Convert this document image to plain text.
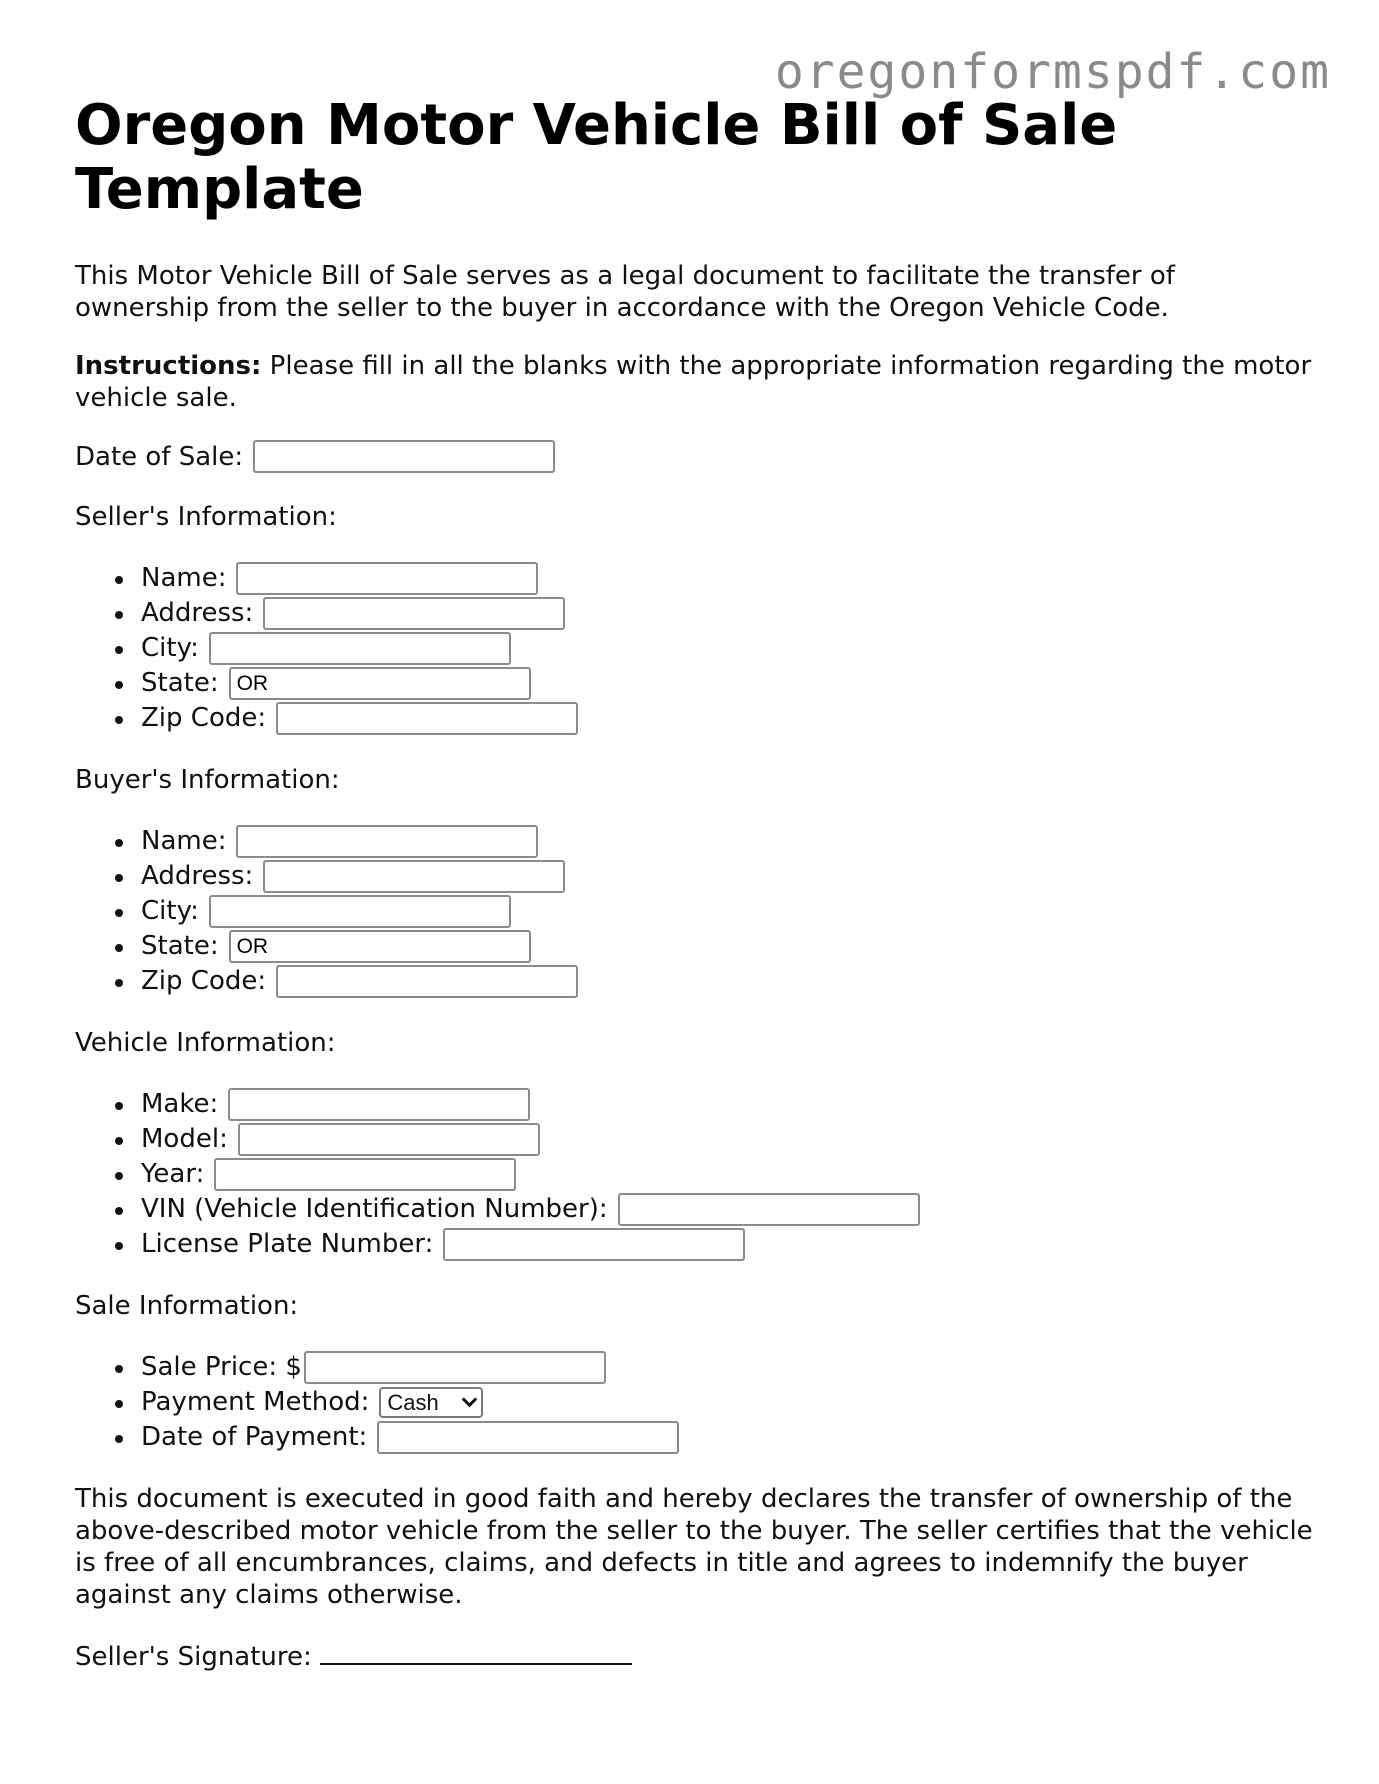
oregonformspdf.com
Oregon Motor Vehicle Bill of Sale Template

This Motor Vehicle Bill of Sale serves as a legal document to facilitate the transfer of ownership from the seller to the buyer in accordance with the Oregon Vehicle Code.

Instructions: Please fill in all the blanks with the appropriate information regarding the motor vehicle sale.

Date of Sale:
Seller's Information:
Name:
Address:
City:
State: OR
Zip Code:
Buyer's Information:
Name:
Address:
City:
State: OR
Zip Code:
Vehicle Information:
Make:
Model:
Year:
VIN (Vehicle Identification Number):
License Plate Number:
Sale Information:
Sale Price: $
Payment Method: Cash
Date of Payment:

This document is executed in good faith and hereby declares the transfer of ownership of the above-described motor vehicle from the seller to the buyer. The seller certifies that the vehicle is free of all encumbrances, claims, and defects in title and agrees to indemnify the buyer against any claims otherwise.

Seller's Signature:
